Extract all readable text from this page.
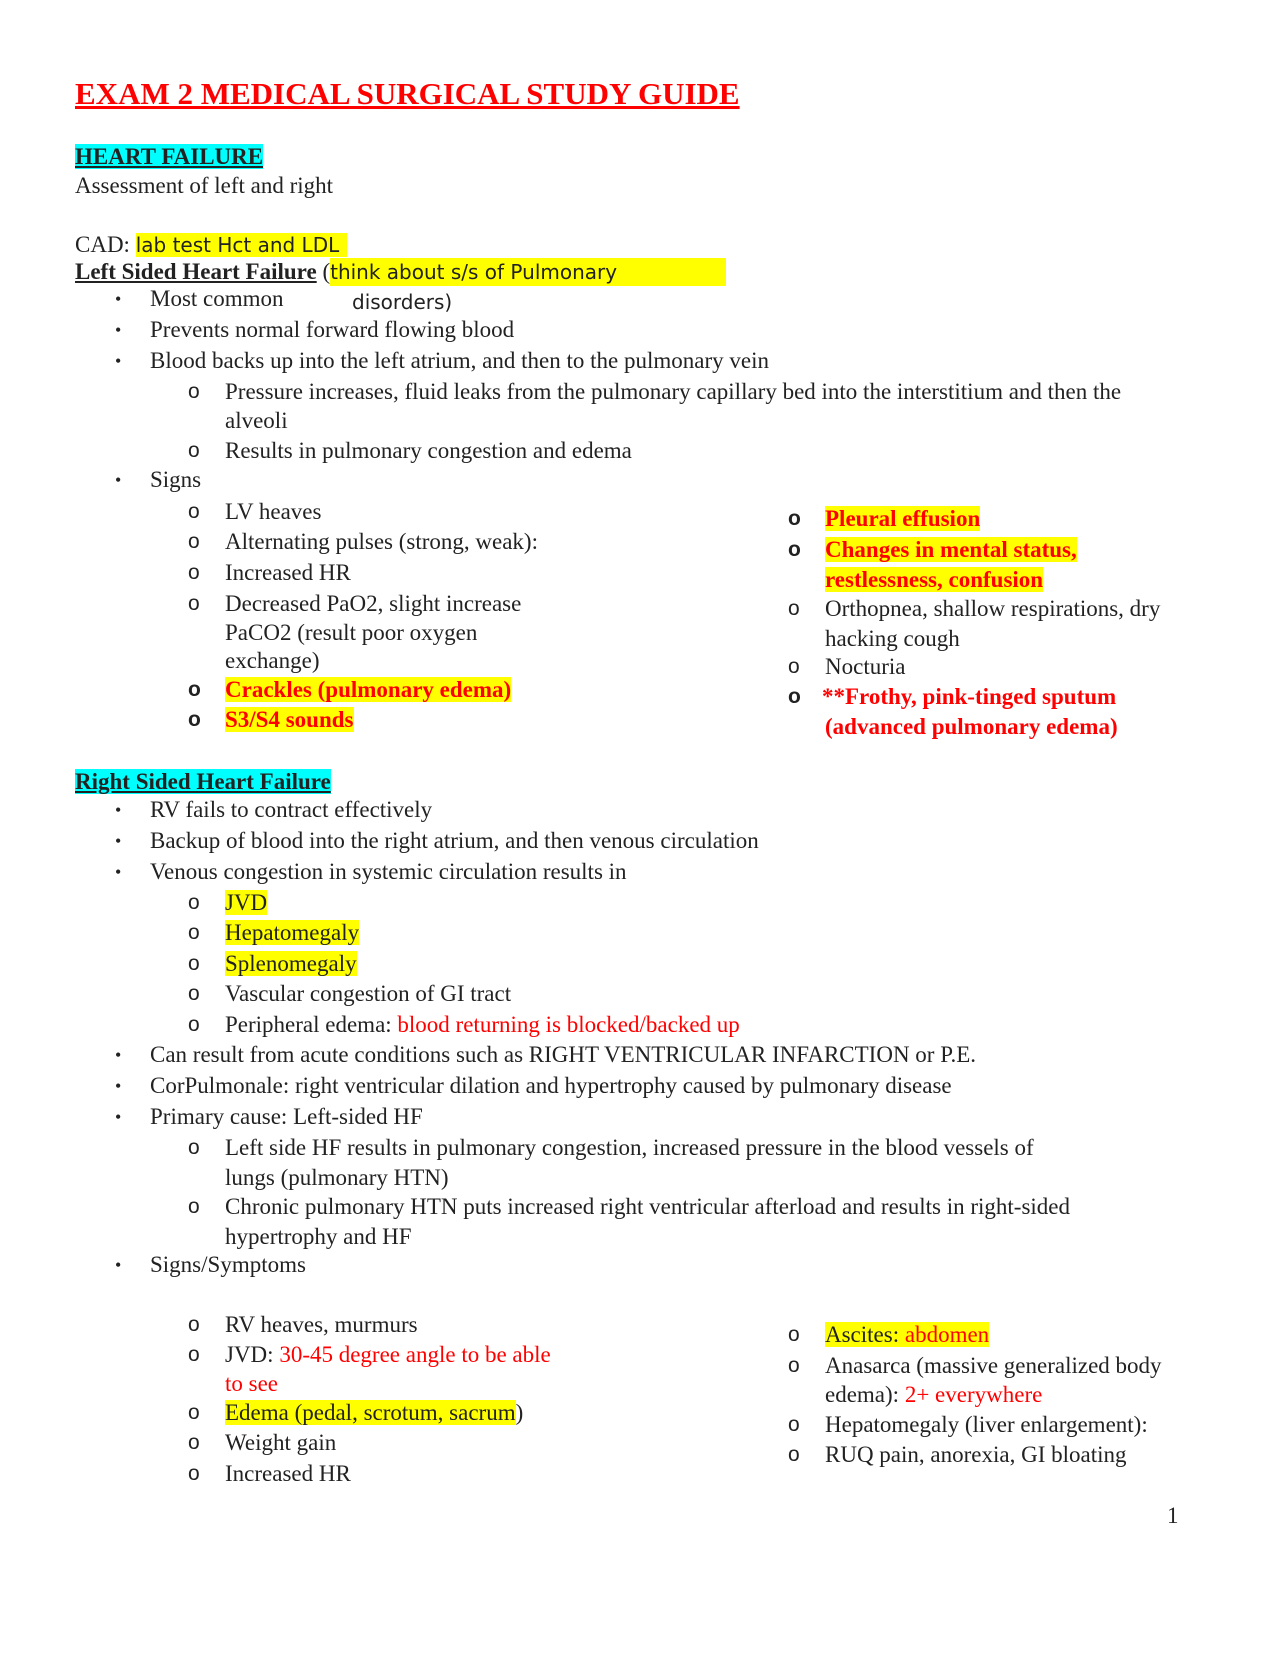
EXAM 2 MEDICAL SURGICAL STUDY GUIDE
HEART FAILURE
Assessment of left and right
CAD: lab test Hct and LDL
Left Sided Heart Failure (think about s/s of Pulmonary
disorders)
• Most common
• Prevents normal forward flowing blood
• Blood backs up into the left atrium, and then to the pulmonary vein
o Pressure increases, fluid leaks from the pulmonary capillary bed into the interstitium and then the
alveoli
o Results in pulmonary congestion and edema
• Signs
o LV heaves
o Alternating pulses (strong, weak):
o Increased HR
o Decreased PaO2, slight increase
PaCO2 (result poor oxygen
exchange)
o Crackles (pulmonary edema)
o S3/S4 sounds
o Pleural effusion
o Changes in mental status,
restlessness, confusion
o Orthopnea, shallow respirations, dry
hacking cough
o Nocturia
o **Frothy, pink-tinged sputum
(advanced pulmonary edema)
Right Sided Heart Failure
• RV fails to contract effectively
• Backup of blood into the right atrium, and then venous circulation
• Venous congestion in systemic circulation results in
o JVD
o Hepatomegaly
o Splenomegaly
o Vascular congestion of GI tract
o Peripheral edema: blood returning is blocked/backed up
• Can result from acute conditions such as RIGHT VENTRICULAR INFARCTION or P.E.
• CorPulmonale: right ventricular dilation and hypertrophy caused by pulmonary disease
• Primary cause: Left-sided HF
o Left side HF results in pulmonary congestion, increased pressure in the blood vessels of
lungs (pulmonary HTN)
o Chronic pulmonary HTN puts increased right ventricular afterload and results in right-sided
hypertrophy and HF
• Signs/Symptoms
o RV heaves, murmurs
o JVD: 30-45 degree angle to be able
to see
o Edema (pedal, scrotum, sacrum)
o Weight gain
o Increased HR
o Ascites: abdomen
o Anasarca (massive generalized body
edema): 2+ everywhere
o Hepatomegaly (liver enlargement):
o RUQ pain, anorexia, GI bloating
1
